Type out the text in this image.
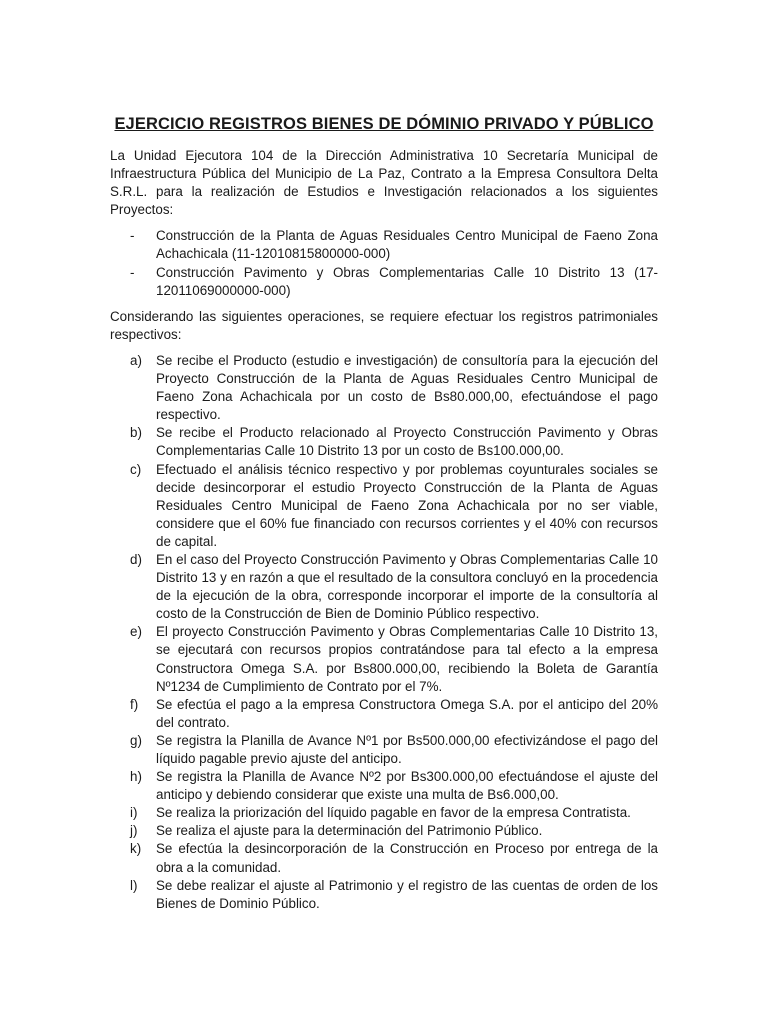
EJERCICIO REGISTROS BIENES DE DÓMINIO PRIVADO Y PÚBLICO

La Unidad Ejecutora 104 de la Dirección Administrativa 10 Secretaría Municipal de Infraestructura Pública del Municipio de La Paz, Contrato a la Empresa Consultora Delta S.R.L. para la realización de Estudios e Investigación relacionados a los siguientes Proyectos:

- Construcción de la Planta de Aguas Residuales Centro Municipal de Faeno Zona Achachicala (11-12010815800000-000)
- Construcción Pavimento y Obras Complementarias Calle 10 Distrito 13 (17-12011069000000-000)

Considerando las siguientes operaciones, se requiere efectuar los registros patrimoniales respectivos:

a) Se recibe el Producto (estudio e investigación) de consultoría para la ejecución del Proyecto Construcción de la Planta de Aguas Residuales Centro Municipal de Faeno Zona Achachicala por un costo de Bs80.000,00, efectuándose el pago respectivo.
b) Se recibe el Producto relacionado al Proyecto Construcción Pavimento y Obras Complementarias Calle 10 Distrito 13 por un costo de Bs100.000,00.
c) Efectuado el análisis técnico respectivo y por problemas coyunturales sociales se decide desincorporar el estudio Proyecto Construcción de la Planta de Aguas Residuales Centro Municipal de Faeno Zona Achachicala por no ser viable, considere que el 60% fue financiado con recursos corrientes y el 40% con recursos de capital.
d) En el caso del Proyecto Construcción Pavimento y Obras Complementarias Calle 10 Distrito 13 y en razón a que el resultado de la consultora concluyó en la procedencia de la ejecución de la obra, corresponde incorporar el importe de la consultoría al costo de la Construcción de Bien de Dominio Público respectivo.
e) El proyecto Construcción Pavimento y Obras Complementarias Calle 10 Distrito 13, se ejecutará con recursos propios contratándose para tal efecto a la empresa Constructora Omega S.A. por Bs800.000,00, recibiendo la Boleta de Garantía Nº1234 de Cumplimiento de Contrato por el 7%.
f) Se efectúa el pago a la empresa Constructora Omega S.A. por el anticipo del 20% del contrato.
g) Se registra la Planilla de Avance Nº1 por Bs500.000,00 efectivizándose el pago del líquido pagable previo ajuste del anticipo.
h) Se registra la Planilla de Avance Nº2 por Bs300.000,00 efectuándose el ajuste del anticipo y debiendo considerar que existe una multa de Bs6.000,00.
i) Se realiza la priorización del líquido pagable en favor de la empresa Contratista.
j) Se realiza el ajuste para la determinación del Patrimonio Público.
k) Se efectúa la desincorporación de la Construcción en Proceso por entrega de la obra a la comunidad.
l) Se debe realizar el ajuste al Patrimonio y el registro de las cuentas de orden de los Bienes de Dominio Público.
